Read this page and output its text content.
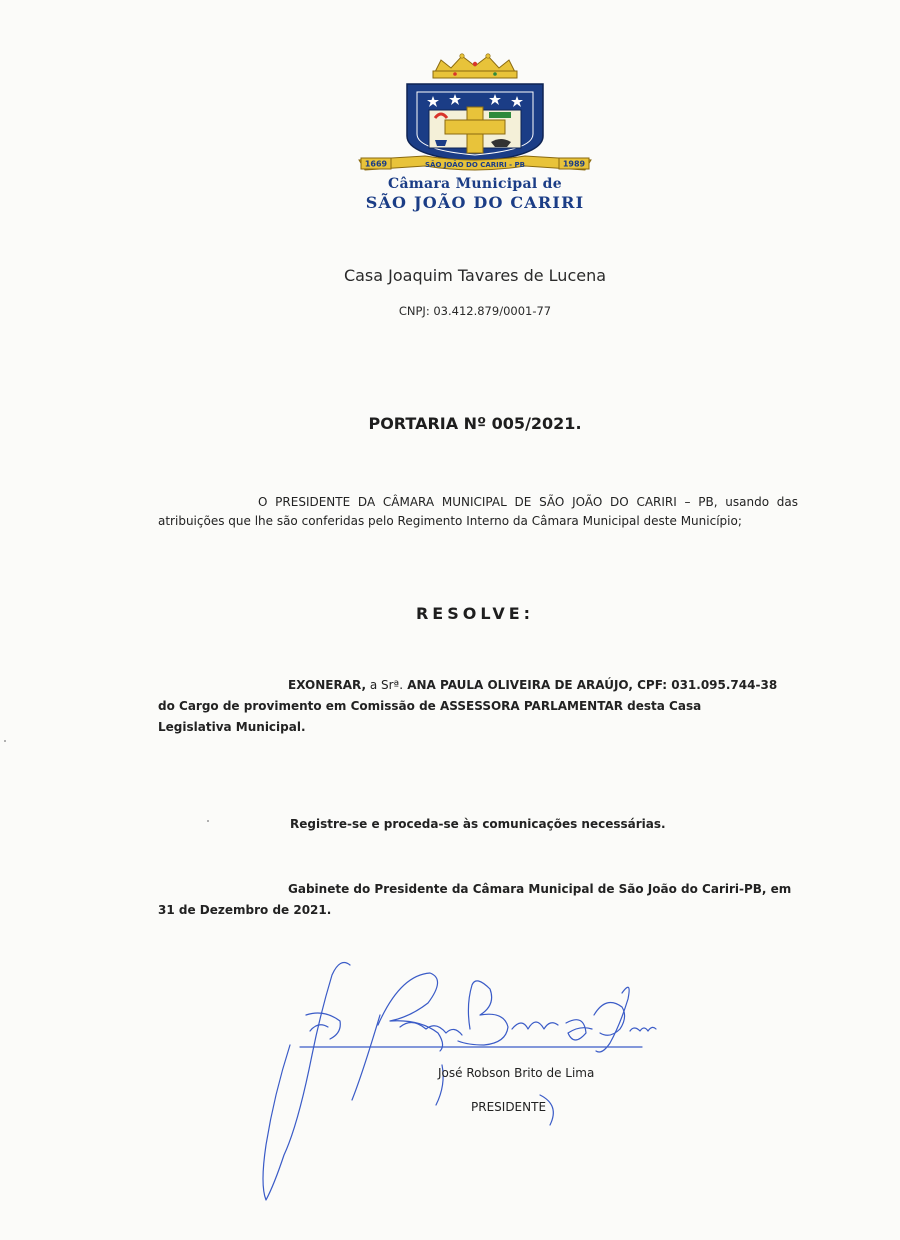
1669	1989
SÃO JOÃO DO CARIRI - PB
Câmara Municipal de
SÃO JOÃO DO CARIRI
Casa Joaquim Tavares de Lucena
CNPJ: 03.412.879/0001-77
PORTARIA Nº 005/2021.

O PRESIDENTE DA CÂMARA MUNICIPAL DE SÃO JOÃO DO CARIRI – PB, usando das atribuições que lhe são conferidas pelo Regimento Interno da Câmara Municipal deste Município;

RESOLVE:
EXONERAR, a Srª. ANA PAULA OLIVEIRA DE ARAÚJO, CPF: 031.095.744-38 do Cargo de provimento em Comissão de ASSESSORA PARLAMENTAR desta Casa Legislativa Municipal.
Registre-se e proceda-se às comunicações necessárias.
Gabinete do Presidente da Câmara Municipal de São João do Cariri-PB, em 31 de Dezembro de 2021.
José Robson Brito de Lima
PRESIDENTE
